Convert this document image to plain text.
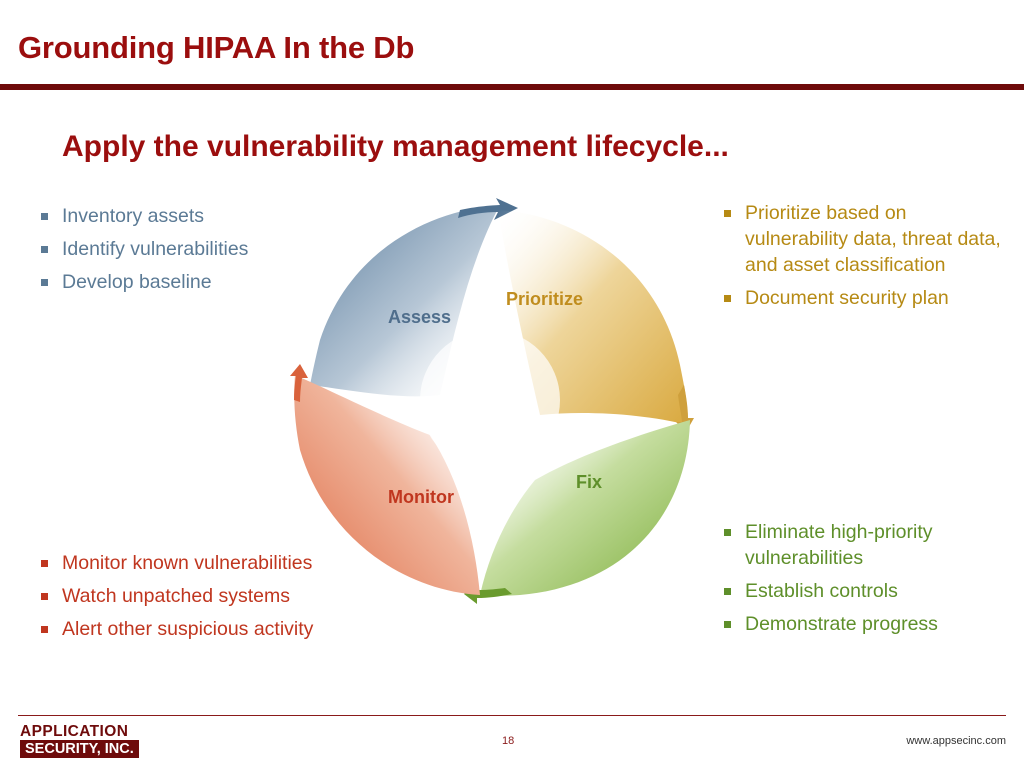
Grounding HIPAA In the Db
Apply the vulnerability management lifecycle...
Inventory assets
Identify vulnerabilities
Develop baseline
Prioritize based on vulnerability data, threat data, and asset classification
Document security plan
Eliminate high-priority vulnerabilities
Establish controls
Demonstrate progress
Monitor known vulnerabilities
Watch unpatched systems
Alert other suspicious activity
Assess
Prioritize
Fix
Monitor
APPLICATION
SECURITY, INC.	18	www.appsecinc.com
